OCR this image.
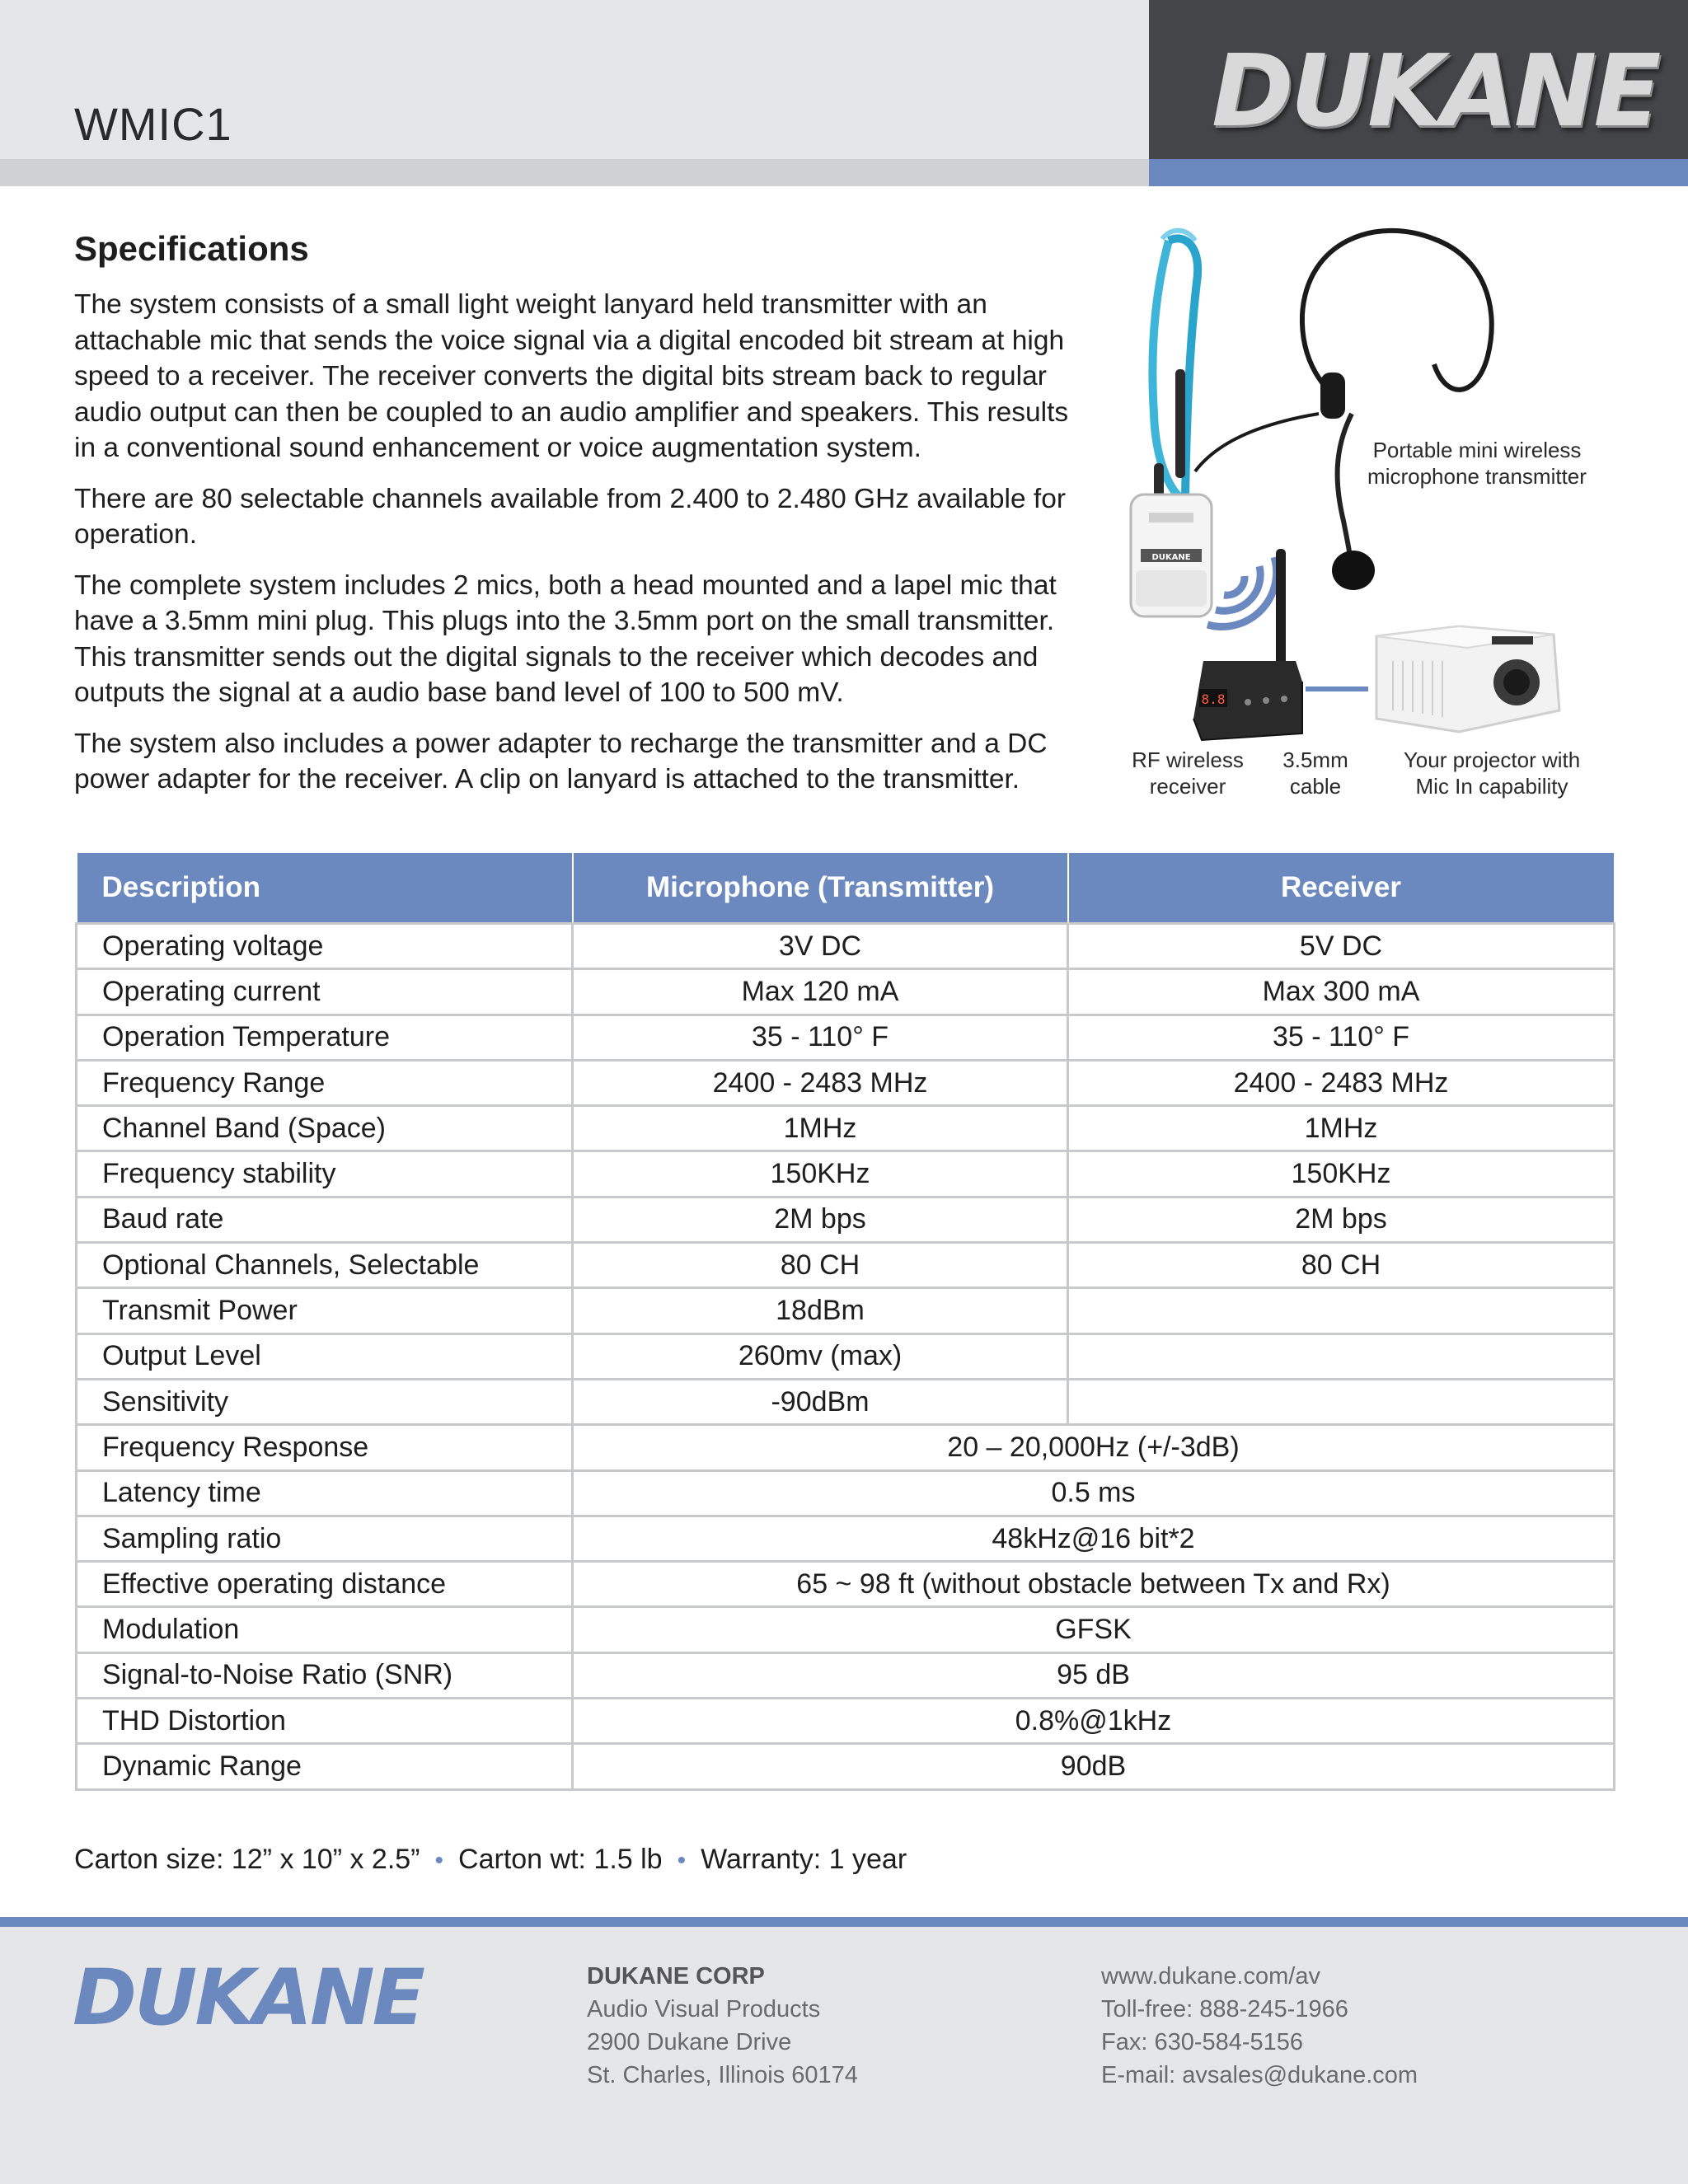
WMIC1	DUKANE
Specifications

The system consists of a small light weight lanyard held transmitter with an attachable mic that sends the voice signal via a digital encoded bit stream at high speed to a receiver. The receiver converts the digital bits stream back to regular audio output can then be coupled to an audio amplifier and speakers. This results in a conventional sound enhancement or voice augmentation system.

There are 80 selectable channels available from 2.400 to 2.480 GHz available for operation.

The complete system includes 2 mics, both a head mounted and a lapel mic that have a 3.5mm mini plug. This plugs into the 3.5mm port on the small transmitter. This transmitter sends out the digital signals to the receiver which decodes and outputs the signal at a audio base band level of 100 to 500 mV.

The system also includes a power adapter to recharge the transmitter and a DC power adapter for the receiver. A clip on lanyard is attached to the transmitter.

DUKANE
8.8
Portable mini wireless
microphone transmitter
RF wireless
receiver
3.5mm
cable
Your projector with
Mic In capability
Description	Microphone (Transmitter)	Receiver
Operating voltage	3V DC	5V DC
Operating current	Max 120 mA	Max 300 mA
Operation Temperature	35 - 110° F	35 - 110° F
Frequency Range	2400 - 2483 MHz	2400 - 2483 MHz
Channel Band (Space)	1MHz	1MHz
Frequency stability	150KHz	150KHz
Baud rate	2M bps	2M bps
Optional Channels, Selectable	80 CH	80 CH
Transmit Power	18dBm	
Output Level	260mv (max)	
Sensitivity	-90dBm	
Frequency Response	20 – 20,000Hz (+/-3dB)	
Latency time	0.5 ms	
Sampling ratio	48kHz@16 bit*2	
Effective operating distance	65 ~ 98 ft (without obstacle between Tx and Rx)	
Modulation	GFSK	
Signal-to-Noise Ratio (SNR)	95 dB	
THD Distortion	0.8%@1kHz	
Dynamic Range	90dB	
Carton size: 12” x 10” x 2.5” • Carton wt: 1.5 lb • Warranty: 1 year
DUKANE	DUKANE CORP
Audio Visual Products
2900 Dukane Drive
St. Charles, Illinois 60174
www.dukane.com/av
Toll-free: 888-245-1966
Fax: 630-584-5156
E-mail: avsales@dukane.com
